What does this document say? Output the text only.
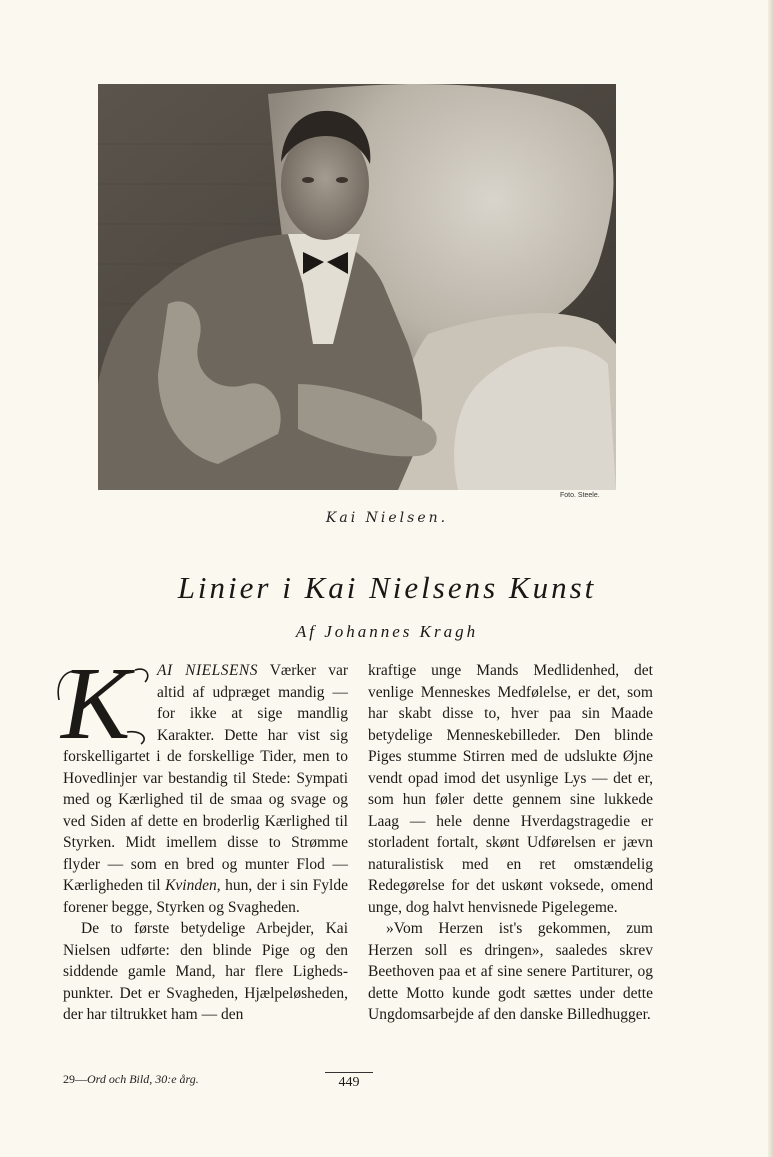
Foto. Steele.
Kai Nielsen.
Linier i Kai Nielsens Kunst
Af Johannes Kragh

K AI NIELSENS Værker var altid af udpræget mandig — for ikke at sige mandlig Karakter. Dette har vist sig forskelligartet i de forskellige Tider, men to Hovedlinjer var bestandig til Stede: Sympati med og Kærlighed til de smaa og svage og ved Siden af dette en broderlig Kærlighed til Styrken. Midt imellem disse to Strømme flyder — som en bred og munter Flod — Kærligheden til Kvinden, hun, der i sin Fylde forener begge, Styrken og Svagheden.

De to første betydelige Arbejder, Kai Nielsen udførte: den blinde Pige og den siddende gamle Mand, har flere Lighedspunkter. Det er Svagheden, Hjælpeløsheden, der har tiltrukket ham — den

kraftige unge Mands Medlidenhed, det venlige Menneskes Medfølelse, er det, som har skabt disse to, hver paa sin Maade betydelige Menneskebilleder. Den blinde Piges stumme Stirren med de udslukte Øjne vendt opad imod det usynlige Lys — det er, som hun føler dette gennem sine lukkede Laag — hele denne Hverdagstragedie er storladent fortalt, skønt Udførelsen er jævn naturalistisk med en ret omstændelig Redegørelse for det uskønt voksede, omend unge, dog halvt henvisnede Pigelegeme.

»Vom Herzen ist's gekommen, zum Herzen soll es dringen», saaledes skrev Beethoven paa et af sine senere Partiturer, og dette Motto kunde godt sættes under dette Ungdomsarbejde af den danske Billedhugger.

29—Ord och Bild, 30:e årg.	449
